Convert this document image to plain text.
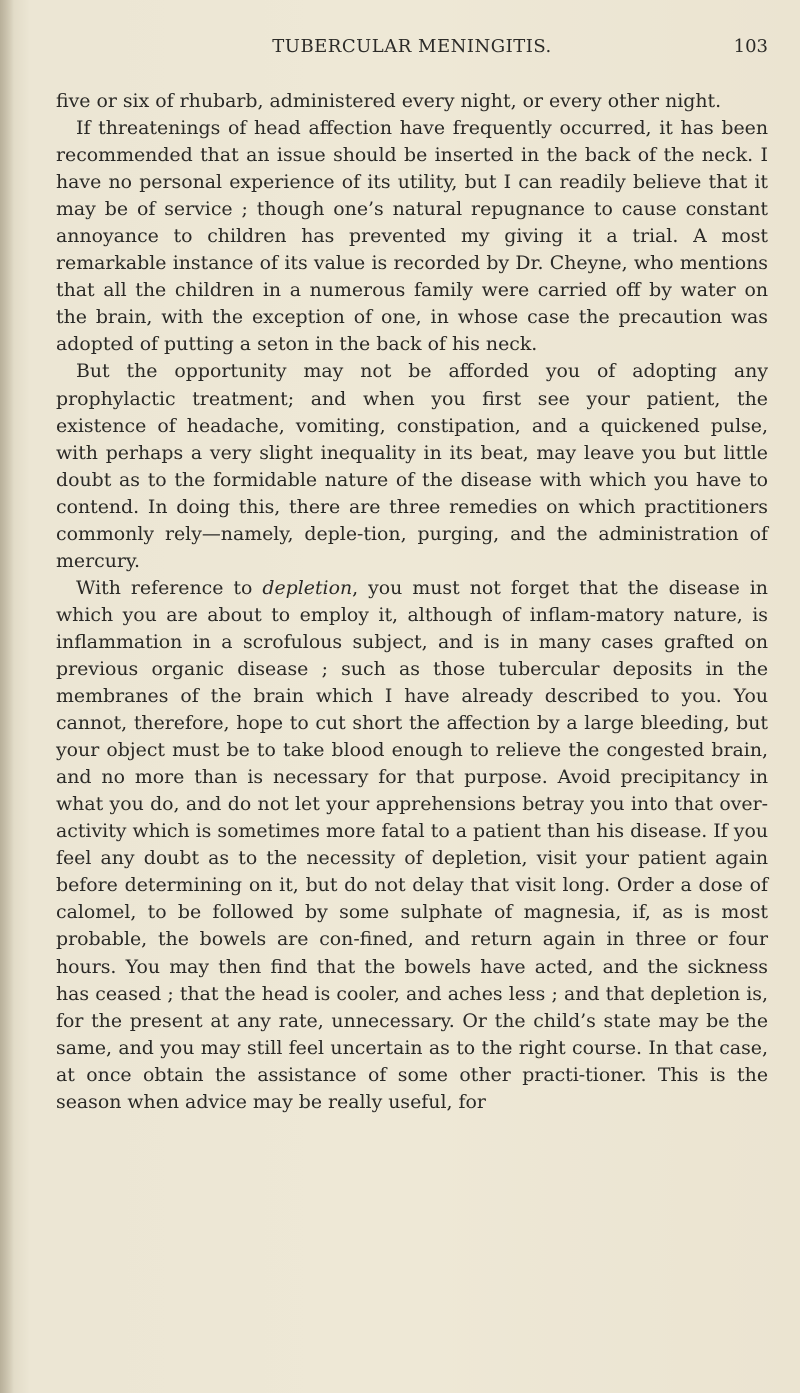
TUBERCULAR MENINGITIS.	103

five or six of rhubarb, administered every night, or every other night.

If threatenings of head affection have frequently occurred, it has been recommended that an issue should be inserted in the back of the neck. I have no personal experience of its utility, but I can readily believe that it may be of service ; though one’s natural repugnance to cause constant annoyance to children has prevented my giving it a trial. A most remarkable instance of its value is recorded by Dr. Cheyne, who mentions that all the children in a numerous family were carried off by water on the brain, with the exception of one, in whose case the precaution was adopted of putting a seton in the back of his neck.

But the opportunity may not be afforded you of adopting any prophylactic treatment; and when you first see your patient, the existence of headache, vomiting, constipation, and a quickened pulse, with perhaps a very slight inequality in its beat, may leave you but little doubt as to the formidable nature of the disease with which you have to contend. In doing this, there are three remedies on which practitioners commonly rely—namely, deple-tion, purging, and the administration of mercury.

With reference to depletion, you must not forget that the disease in which you are about to employ it, although of inflam-matory nature, is inflammation in a scrofulous subject, and is in many cases grafted on previous organic disease ; such as those tubercular deposits in the membranes of the brain which I have already described to you. You cannot, therefore, hope to cut short the affection by a large bleeding, but your object must be to take blood enough to relieve the congested brain, and no more than is necessary for that purpose. Avoid precipitancy in what you do, and do not let your apprehensions betray you into that over-activity which is sometimes more fatal to a patient than his disease. If you feel any doubt as to the necessity of depletion, visit your patient again before determining on it, but do not delay that visit long. Order a dose of calomel, to be followed by some sulphate of magnesia, if, as is most probable, the bowels are con-fined, and return again in three or four hours. You may then find that the bowels have acted, and the sickness has ceased ; that the head is cooler, and aches less ; and that depletion is, for the present at any rate, unnecessary. Or the child’s state may be the same, and you may still feel uncertain as to the right course. In that case, at once obtain the assistance of some other practi-tioner. This is the season when advice may be really useful, for
